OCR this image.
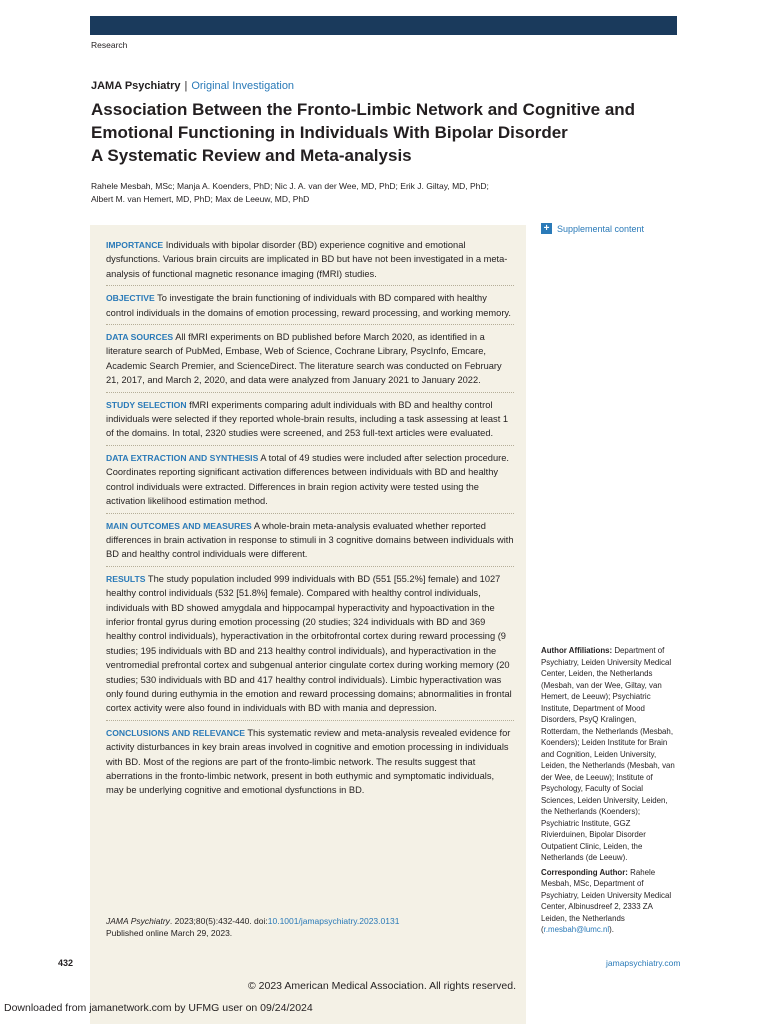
Research
JAMA Psychiatry | Original Investigation
Association Between the Fronto-Limbic Network and Cognitive and Emotional Functioning in Individuals With Bipolar Disorder
A Systematic Review and Meta-analysis
Rahele Mesbah, MSc; Manja A. Koenders, PhD; Nic J. A. van der Wee, MD, PhD; Erik J. Giltay, MD, PhD;
Albert M. van Hemert, MD, PhD; Max de Leeuw, MD, PhD

IMPORTANCE Individuals with bipolar disorder (BD) experience cognitive and emotional dysfunctions. Various brain circuits are implicated in BD but have not been investigated in a meta-analysis of functional magnetic resonance imaging (fMRI) studies.

OBJECTIVE To investigate the brain functioning of individuals with BD compared with healthy control individuals in the domains of emotion processing, reward processing, and working memory.

DATA SOURCES All fMRI experiments on BD published before March 2020, as identified in a literature search of PubMed, Embase, Web of Science, Cochrane Library, PsycInfo, Emcare, Academic Search Premier, and ScienceDirect. The literature search was conducted on February 21, 2017, and March 2, 2020, and data were analyzed from January 2021 to January 2022.

STUDY SELECTION fMRI experiments comparing adult individuals with BD and healthy control individuals were selected if they reported whole-brain results, including a task assessing at least 1 of the domains. In total, 2320 studies were screened, and 253 full-text articles were evaluated.

DATA EXTRACTION AND SYNTHESIS A total of 49 studies were included after selection procedure. Coordinates reporting significant activation differences between individuals with BD and healthy control individuals were extracted. Differences in brain region activity were tested using the activation likelihood estimation method.

MAIN OUTCOMES AND MEASURES A whole-brain meta-analysis evaluated whether reported differences in brain activation in response to stimuli in 3 cognitive domains between individuals with BD and healthy control individuals were different.

RESULTS The study population included 999 individuals with BD (551 [55.2%] female) and 1027 healthy control individuals (532 [51.8%] female). Compared with healthy control individuals, individuals with BD showed amygdala and hippocampal hyperactivity and hypoactivation in the inferior frontal gyrus during emotion processing (20 studies; 324 individuals with BD and 369 healthy control individuals), hyperactivation in the orbitofrontal cortex during reward processing (9 studies; 195 individuals with BD and 213 healthy control individuals), and hyperactivation in the ventromedial prefrontal cortex and subgenual anterior cingulate cortex during working memory (20 studies; 530 individuals with BD and 417 healthy control individuals). Limbic hyperactivation was only found during euthymia in the emotion and reward processing domains; abnormalities in frontal cortex activity were also found in individuals with BD with mania and depression.

CONCLUSIONS AND RELEVANCE This systematic review and meta-analysis revealed evidence for activity disturbances in key brain areas involved in cognitive and emotion processing in individuals with BD. Most of the regions are part of the fronto-limbic network. The results suggest that aberrations in the fronto-limbic network, present in both euthymic and symptomatic individuals, may be underlying cognitive and emotional dysfunctions in BD.

JAMA Psychiatry. 2023;80(5):432-440. doi:10.1001/jamapsychiatry.2023.0131
Published online March 29, 2023.
+ Supplemental content
Author Affiliations: Department of Psychiatry, Leiden University Medical Center, Leiden, the Netherlands (Mesbah, van der Wee, Giltay, van Hemert, de Leeuw); Psychiatric Institute, Department of Mood Disorders, PsyQ Kralingen, Rotterdam, the Netherlands (Mesbah, Koenders); Leiden Institute for Brain and Cognition, Leiden University, Leiden, the Netherlands (Mesbah, van der Wee, de Leeuw); Institute of Psychology, Faculty of Social Sciences, Leiden University, Leiden, the Netherlands (Koenders); Psychiatric Institute, GGZ Rivierduinen, Bipolar Disorder Outpatient Clinic, Leiden, the Netherlands (de Leeuw).
Corresponding Author: Rahele Mesbah, MSc, Department of Psychiatry, Leiden University Medical Center, Albinusdreef 2, 2333 ZA Leiden, the Netherlands (r.mesbah@lumc.nl).
432	jamapsychiatry.com
© 2023 American Medical Association. All rights reserved.
Downloaded from jamanetwork.com by UFMG user on 09/24/2024
